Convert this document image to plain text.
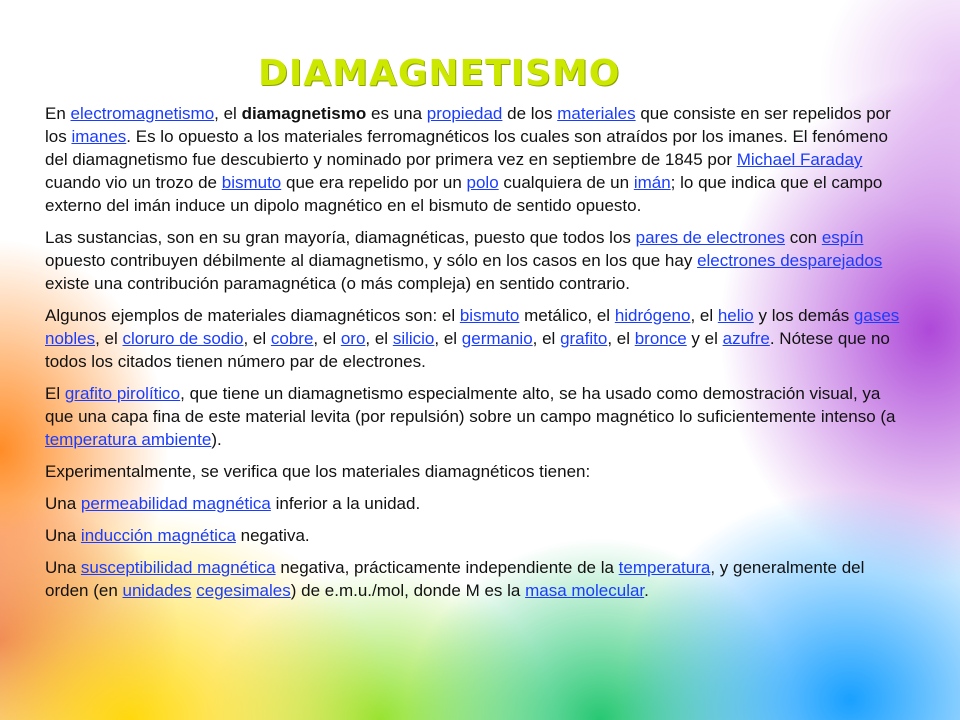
DIAMAGNETISMO

En electromagnetismo, el diamagnetismo es una propiedad de los materiales que consiste en ser repelidos por los imanes. Es lo opuesto a los materiales ferromagnéticos los cuales son atraídos por los imanes. El fenómeno del diamagnetismo fue descubierto y nominado por primera vez en septiembre de 1845 por Michael Faraday cuando vio un trozo de bismuto que era repelido por un polo cualquiera de un imán; lo que indica que el campo externo del imán induce un dipolo magnético en el bismuto de sentido opuesto.

Las sustancias, son en su gran mayoría, diamagnéticas, puesto que todos los pares de electrones con espín opuesto contribuyen débilmente al diamagnetismo, y sólo en los casos en los que hay electrones desparejados existe una contribución paramagnética (o más compleja) en sentido contrario.

Algunos ejemplos de materiales diamagnéticos son: el bismuto metálico, el hidrógeno, el helio y los demás gases nobles, el cloruro de sodio, el cobre, el oro, el silicio, el germanio, el grafito, el bronce y el azufre. Nótese que no todos los citados tienen número par de electrones.

El grafito pirolítico, que tiene un diamagnetismo especialmente alto, se ha usado como demostración visual, ya que una capa fina de este material levita (por repulsión) sobre un campo magnético lo suficientemente intenso (a temperatura ambiente).

Experimentalmente, se verifica que los materiales diamagnéticos tienen:

Una permeabilidad magnética inferior a la unidad.

Una inducción magnética negativa.

Una susceptibilidad magnética negativa, prácticamente independiente de la temperatura, y generalmente del orden (en unidades cegesimales) de e.m.u./mol, donde M es la masa molecular.
